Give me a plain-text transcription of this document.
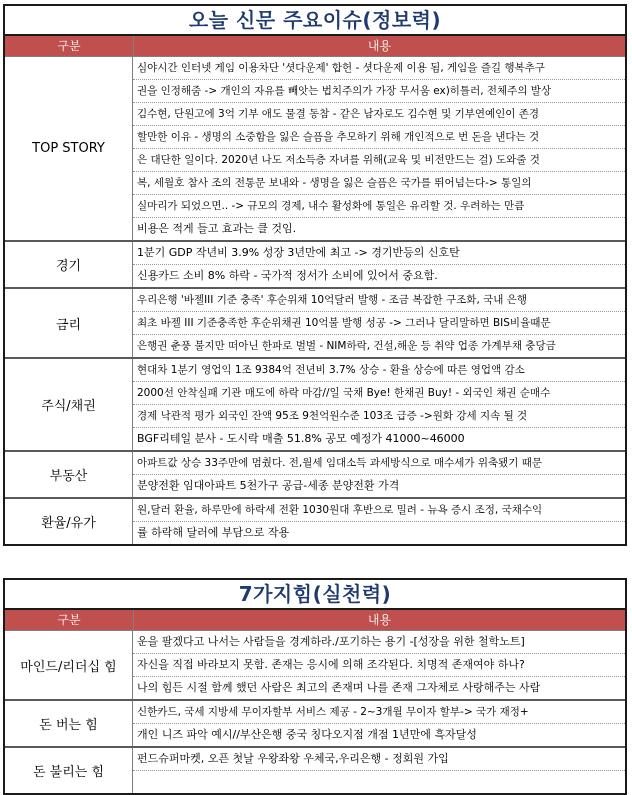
오늘 신문 주요이슈(정보력)
구분	내용
TOP STORY
심야시간 인터넷 게임 이용차단 '셧다운제' 합헌 - 셧다운제 이용 됨, 게임을 즐길 행복추구
권을 인정해줌 -> 개인의 자유를 빼앗는 법치주의가 가장 무서움 ex)히틀러, 전체주의 발상
김수현, 단원고에 3억 기부 애도 물결 동참 - 같은 남자로도 김수현 및 기부연예인이 존경
할만한 이유 - 생명의 소중함을 잃은 슬픔을 추모하기 위해 개인적으로 번 돈을 낸다는 것
은 대단한 일이다. 2020년 나도 저소득층 자녀를 위해(교육 및 비전만드는 걸) 도와줄 것
복, 세월호 참사 조의 전통문 보내와 - 생명을 잃은 슬픔은 국가를 뛰어넘는다-> 통일의
실마리가 되었으면.. -> 규모의 경제, 내수 활성화에 통일은 유리할 것. 우려하는 만큼
비용은 적게 들고 효과는 클 것임.
경기
1분기 GDP 작년비 3.9% 성장 3년만에 최고 -> 경기반등의 신호탄
신용카드 소비 8% 하락 - 국가적 정서가 소비에 있어서 중요함.
금리
우리은행 '바젤III 기준 충족' 후순위채 10억달러 발행 - 조금 복잡한 구조화, 국내 은행
최초 바젤 III 기준충족한 후순위채권 10억불 발행 성공 -> 그러나 달리말하면 BIS비율때문
은행권 춘풍 불지만 떠아닌 한파로 벌벌 - NIM하락, 건설,해운 등 취약 업종 가계부채 충당금
주식/채권
현대차 1분기 영업익 1조 9384억 전년비 3.7% 상승 - 환율 상승에 따른 영업액 감소
2000선 안착실패 기관 매도에 하락 마감//일 국채 Bye! 한채권 Buy! - 외국인 채권 순매수
경제 낙관적 평가 외국인 잔액 95조 9천억원수준 103조 급증 ->원화 강세 지속 될 것
BGF리테일 분사 - 도시락 매출 51.8% 공모 예정가 41000~46000
부동산
아파트값 상승 33주만에 멈췄다. 전,월세 임대소득 과세방식으로 매수세가 위축됐기 때문
분양전환 임대아파트 5천가구 공급-세종 분양전환 가격
환율/유가
원,달러 환율, 하루만에 하락세 전환 1030원대 후반으로 밀려 - 뉴욕 증시 조정, 국채수익
률 하락해 달러에 부담으로 작용
7가지힘(실천력)
구분	내용
마인드/리더십 힘
운을 팔겠다고 나서는 사람들을 경계하라./포기하는 용기 -[성장을 위한 철학노트]
자신을 직접 바라보지 못함. 존재는 응시에 의해 조각된다. 치명적 존재여야 하나?
나의 힘든 시절 함께 했던 사람은 최고의 존재며 나를 존재 그자체로 사랑해주는 사람
돈 버는 힘
신한카드, 국세 지방세 무이자할부 서비스 제공 - 2~3개월 무이자 할부-> 국가 재정+
개인 니즈 파악 예시//부산은행 중국 칭다오지점 개점 1년만에 흑자달성
돈 불리는 힘
펀드슈퍼마켓, 오픈 첫날 우왕좌왕 우체국,우리은행 - 정회원 가입
